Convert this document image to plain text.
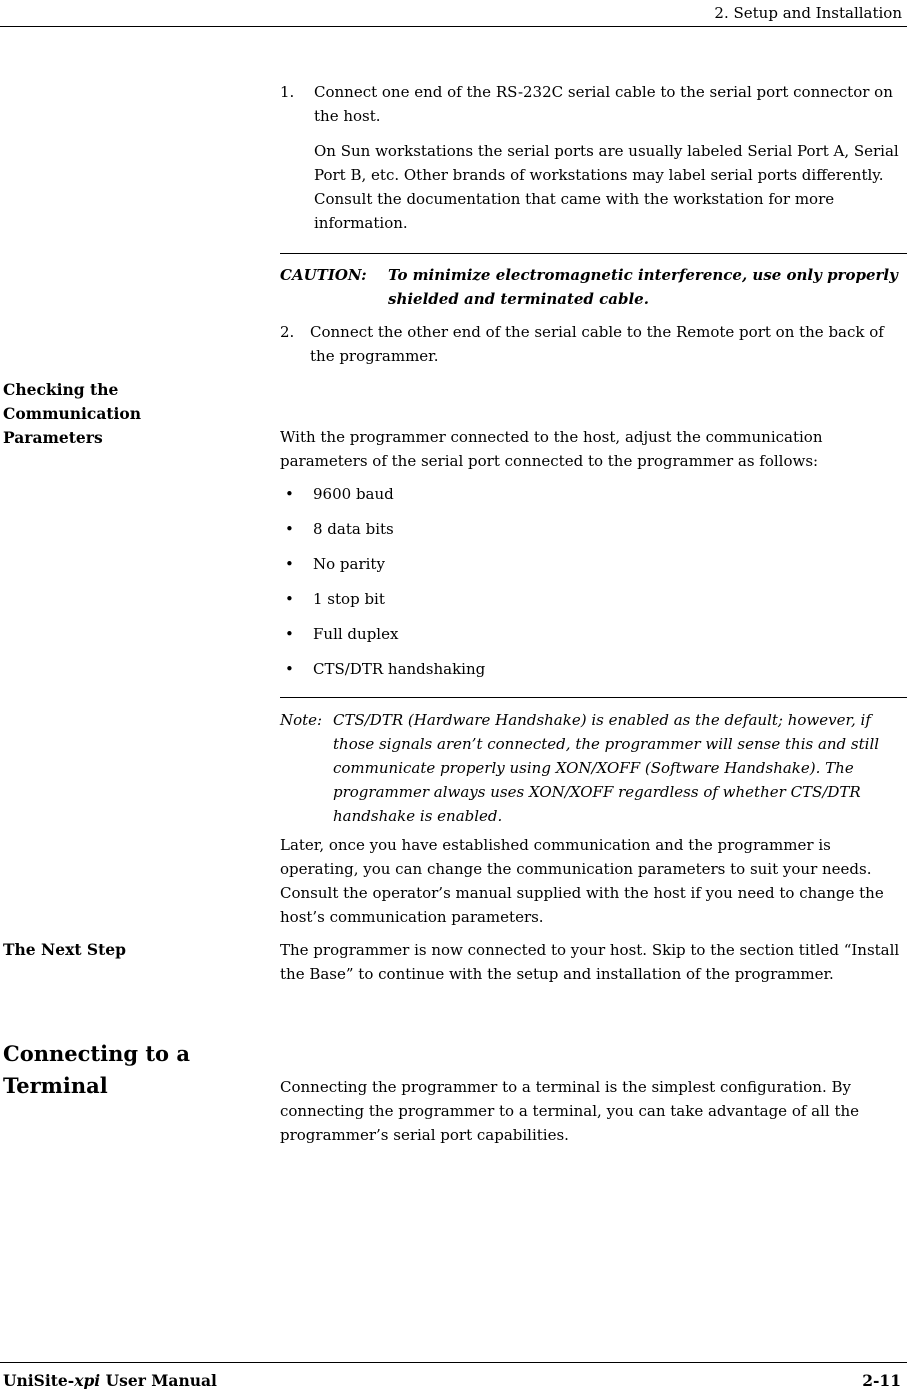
2. Setup and Installation
1.	Connect one end of the RS-232C serial cable to the serial port connector on the host.
On Sun workstations the serial ports are usually labeled Serial Port A, Serial Port B, etc. Other brands of workstations may label serial ports differently. Consult the documentation that came with the workstation for more information.
CAUTION:	To minimize electromagnetic interference, use only properly shielded and terminated cable.
2.	Connect the other end of the serial cable to the Remote port on the back of the programmer.
Checking the Communication Parameters	With the programmer connected to the host, adjust the communication parameters of the serial port connected to the programmer as follows:
• 9600 baud
• 8 data bits
• No parity
• 1 stop bit
• Full duplex
• CTS/DTR handshaking
Note: CTS/DTR (Hardware Handshake) is enabled as the default; however, if those signals aren’t connected, the programmer will sense this and still communicate properly using XON/XOFF (Software Handshake). The programmer always uses XON/XOFF regardless of whether CTS/DTR handshake is enabled.
Later, once you have established communication and the programmer is operating, you can change the communication parameters to suit your needs. Consult the operator’s manual supplied with the host if you need to change the host’s communication parameters.
The Next Step	The programmer is now connected to your host. Skip to the section titled “Install the Base” to continue with the setup and installation of the programmer.
Connecting to a Terminal	Connecting the programmer to a terminal is the simplest configuration. By connecting the programmer to a terminal, you can take advantage of all the programmer’s serial port capabilities.
UniSite-xpi User Manual	2-11
